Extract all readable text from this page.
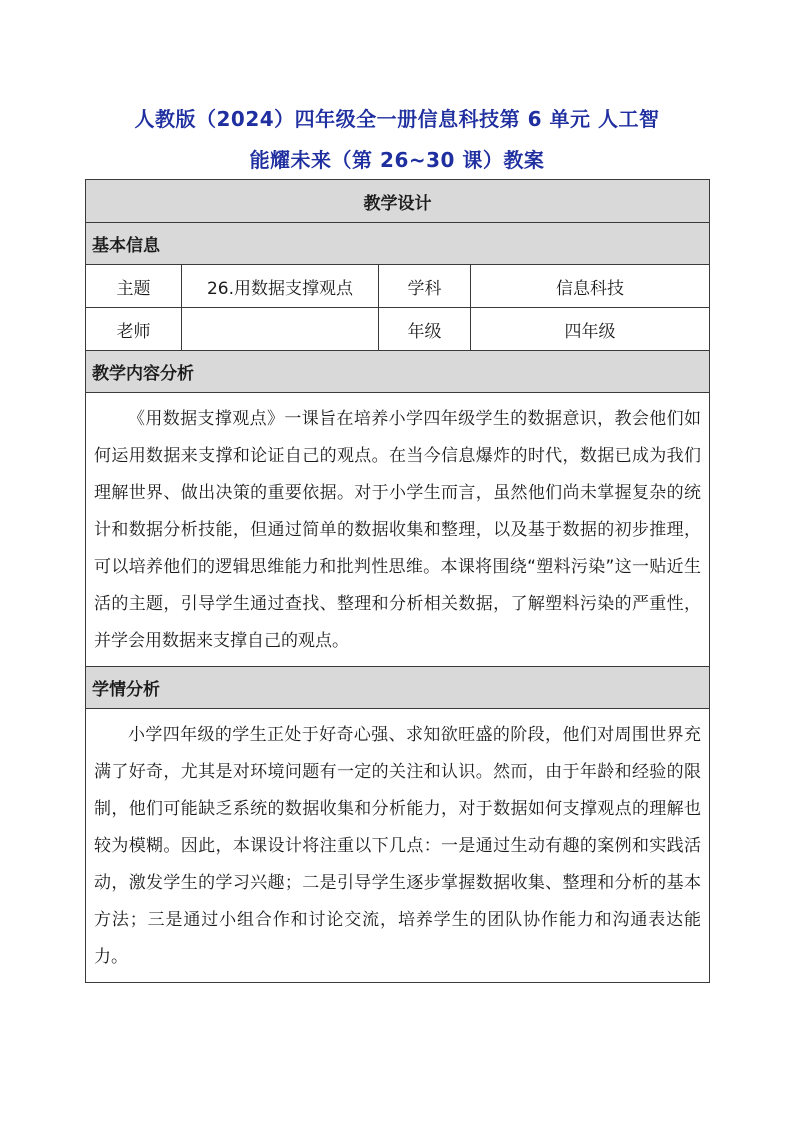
人教版（2024）四年级全一册信息科技第 6 单元 人工智
能耀未来（第 26~30 课）教案
教学设计			
基本信息			
主题	26.用数据支撑观点	学科	信息科技
老师		年级	四年级
教学内容分析			
《用数据支撑观点》一课旨在培养小学四年级学生的数据意识，教会他们如何运用数据来支撑和论证自己的观点。在当今信息爆炸的时代，数据已成为我们理解世界、做出决策的重要依据。对于小学生而言，虽然他们尚未掌握复杂的统计和数据分析技能，但通过简单的数据收集和整理，以及基于数据的初步推理，可以培养他们的逻辑思维能力和批判性思维。本课将围绕“塑料污染”这一贴近生活的主题，引导学生通过查找、整理和分析相关数据，了解塑料污染的严重性，并学会用数据来支撑自己的观点。			
学情分析			
小学四年级的学生正处于好奇心强、求知欲旺盛的阶段，他们对周围世界充满了好奇，尤其是对环境问题有一定的关注和认识。然而，由于年龄和经验的限制，他们可能缺乏系统的数据收集和分析能力，对于数据如何支撑观点的理解也较为模糊。因此，本课设计将注重以下几点：一是通过生动有趣的案例和实践活动，激发学生的学习兴趣；二是引导学生逐步掌握数据收集、整理和分析的基本方法；三是通过小组合作和讨论交流，培养学生的团队协作能力和沟通表达能力。			
